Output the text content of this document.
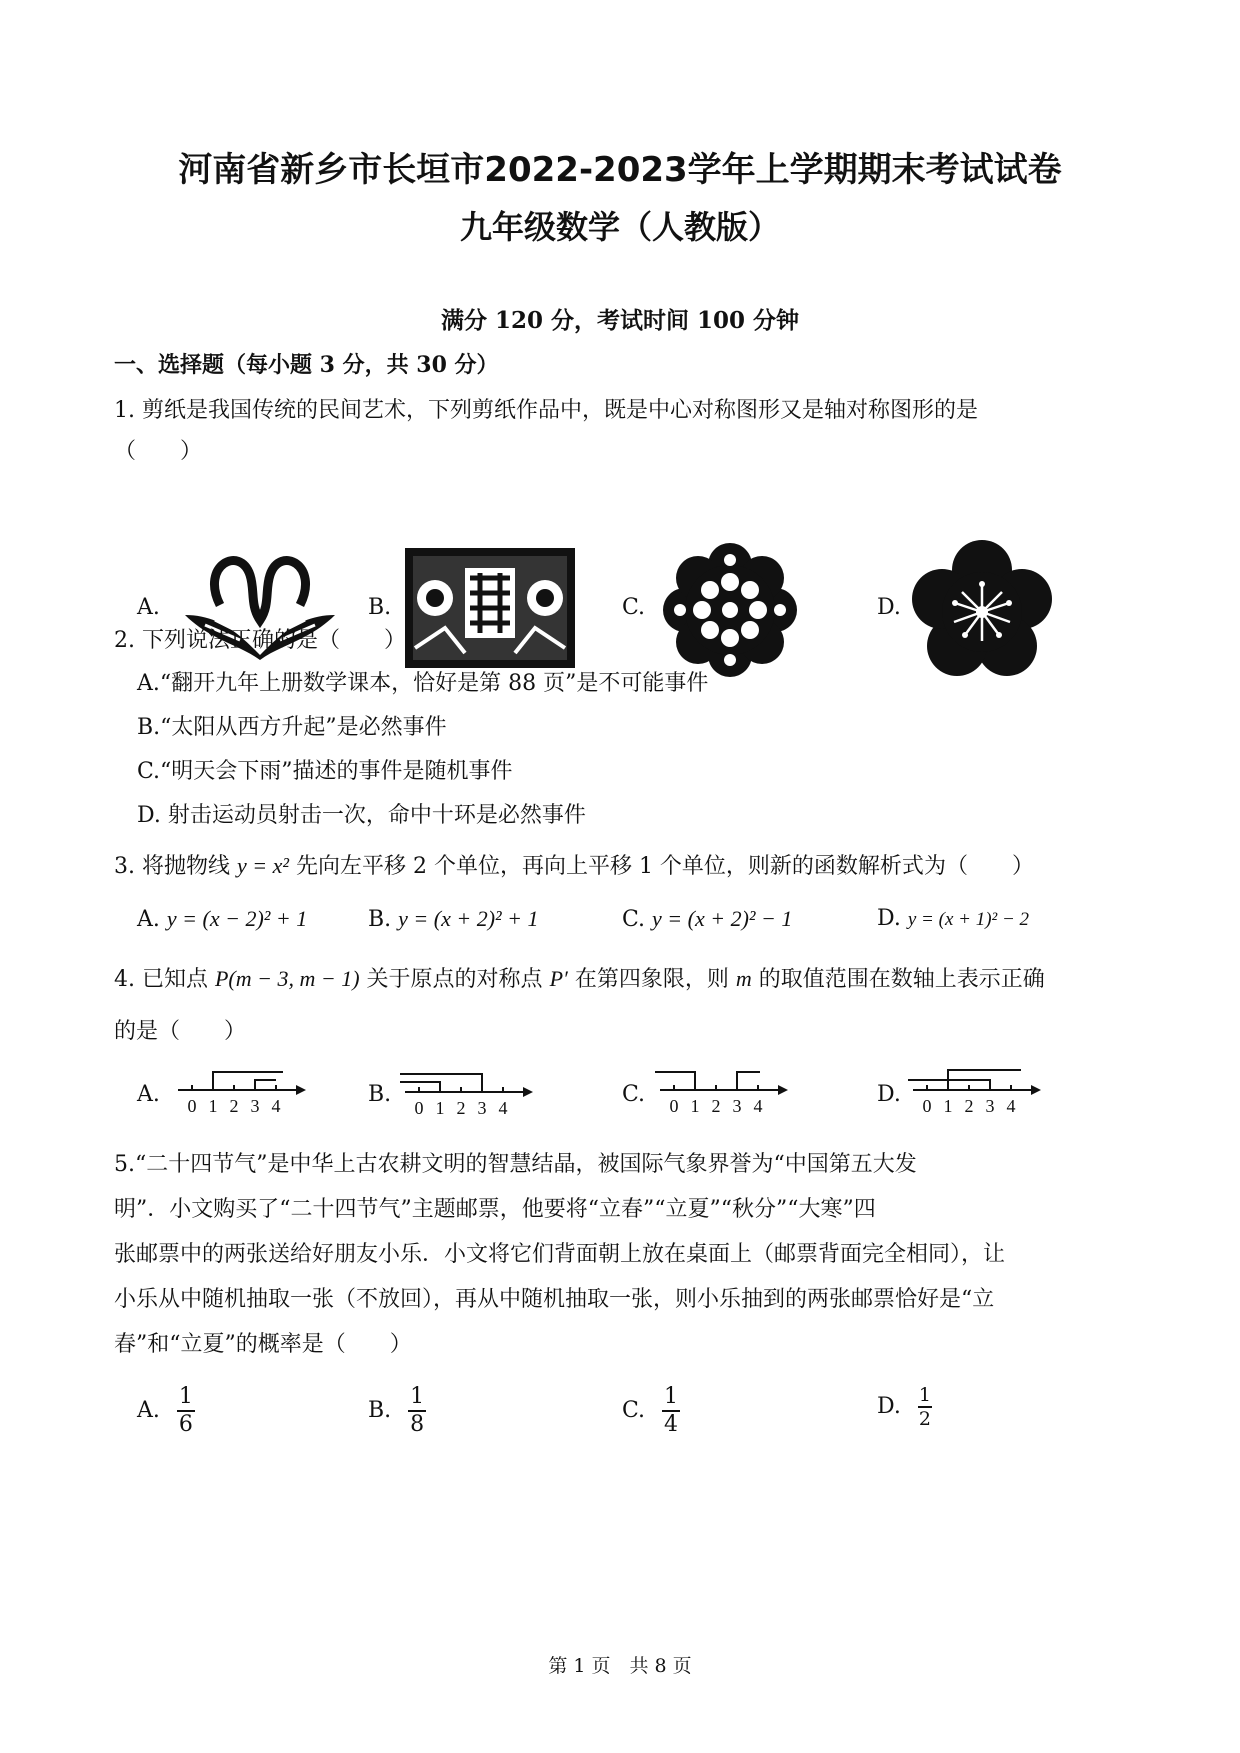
河南省新乡市长垣市2022-2023学年上学期期末考试试卷
九年级数学（人教版）
满分 120 分，考试时间 100 分钟
一、选择题（每小题 3 分，共 30 分）
1. 剪纸是我国传统的民间艺术，下列剪纸作品中，既是中心对称图形又是轴对称图形的是
（　　）
A.	B.	C.	D.
2. 下列说法正确的是（　　）
A.“翻开九年上册数学课本，恰好是第 88 页”是不可能事件
B.“太阳从西方升起”是必然事件
C.“明天会下雨”描述的事件是随机事件
D. 射击运动员射击一次，命中十环是必然事件
3. 将抛物线 y = x² 先向左平移 2 个单位，再向上平移 1 个单位，则新的函数解析式为（　　）
A. y = (x − 2)² + 1	B. y = (x + 2)² + 1	C. y = (x + 2)² − 1	D. y = (x + 1)² − 2
4. 已知点 P(m − 3, m − 1) 关于原点的对称点 P′ 在第四象限，则 m 的取值范围在数轴上表示正确
的是（　　）
A. 0 1 2 3 4	B.
0 1 2 3 4
C. 0 1 2 3 4	D. 0 1 2 3 4
5.“二十四节气”是中华上古农耕文明的智慧结晶，被国际气象界誉为“中国第五大发
明”．小文购买了“二十四节气”主题邮票，他要将“立春”“立夏”“秋分”“大寒”四
张邮票中的两张送给好朋友小乐．小文将它们背面朝上放在桌面上（邮票背面完全相同），让
小乐从中随机抽取一张（不放回），再从中随机抽取一张，则小乐抽到的两张邮票恰好是“立
春”和“立夏”的概率是（　　）
A. $\frac{1}{6}$	B. $\frac{1}{8}$	C. $\frac{1}{4}$	D. $\frac{1}{2}$
第 1 页　共 8 页
